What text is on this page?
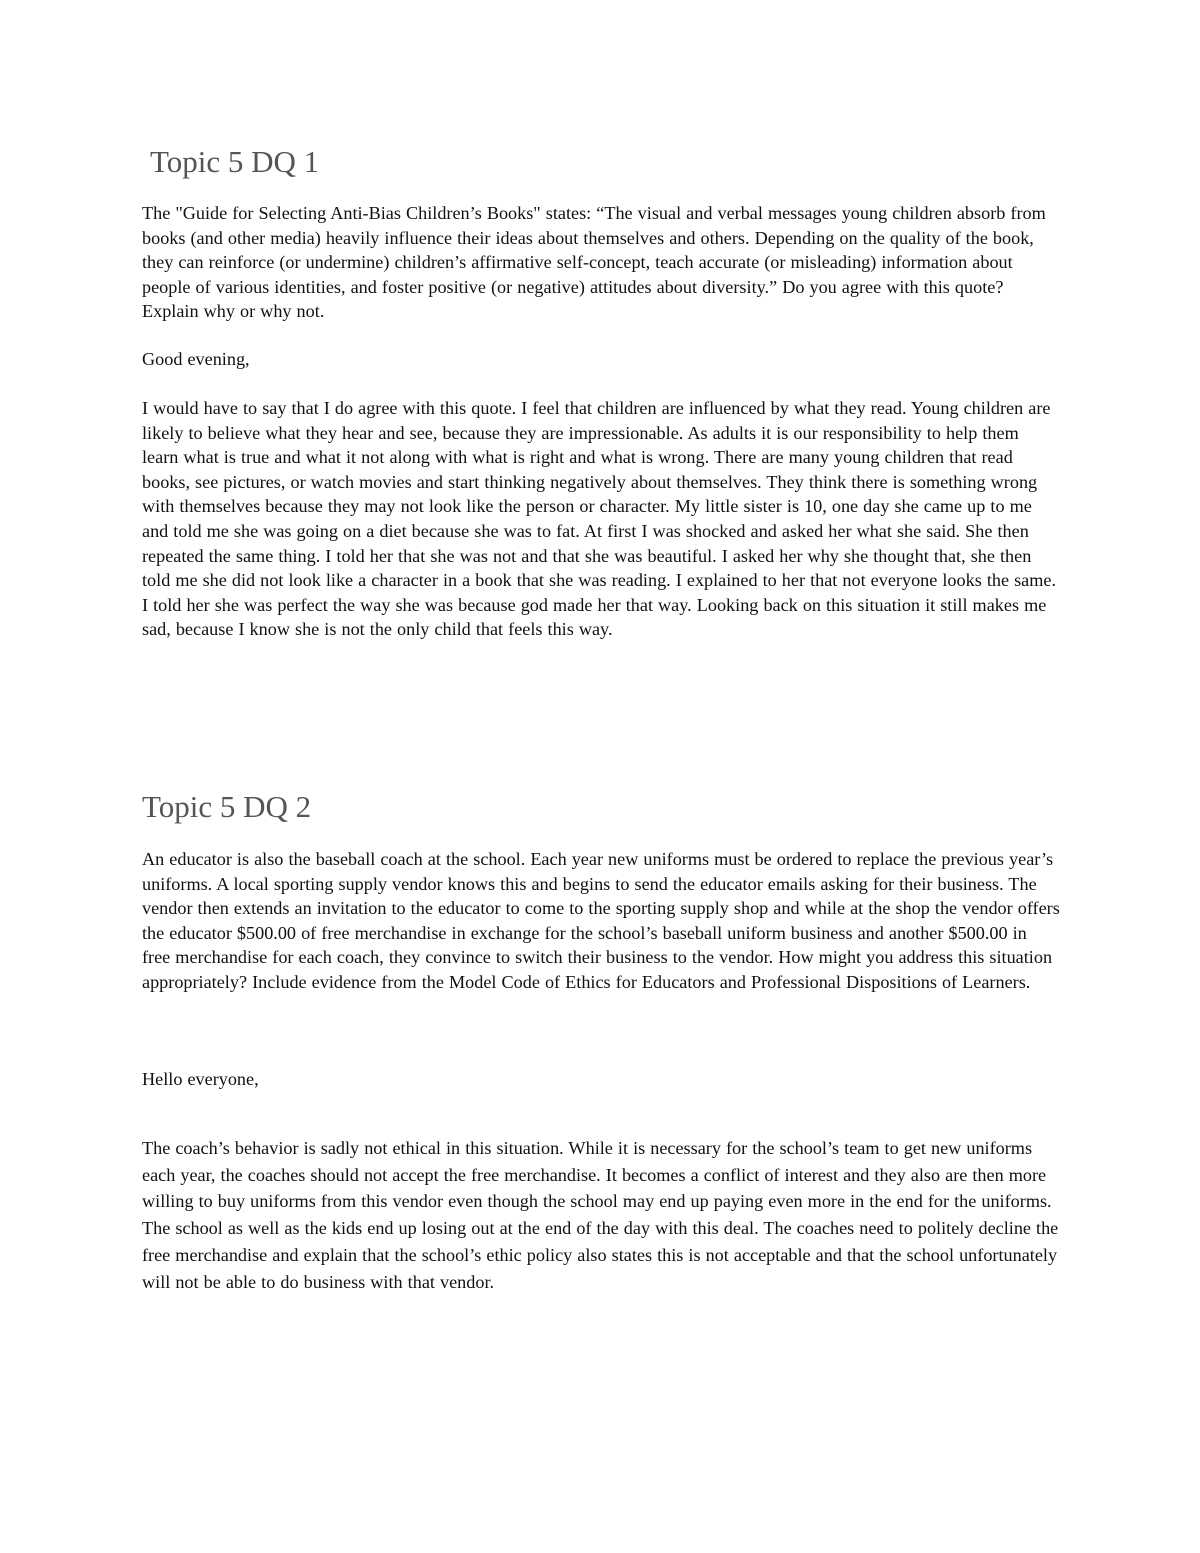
Topic 5 DQ 1

The "Guide for Selecting Anti-Bias Children’s Books" states: “The visual and verbal messages young children absorb from books (and other media) heavily influence their ideas about themselves and others. Depending on the quality of the book, they can reinforce (or undermine) children’s affirmative self-concept, teach accurate (or misleading) information about people of various identities, and foster positive (or negative) attitudes about diversity.” Do you agree with this quote? Explain why or why not.

Good evening,

I would have to say that I do agree with this quote. I feel that children are influenced by what they read. Young children are likely to believe what they hear and see, because they are impressionable. As adults it is our responsibility to help them learn what is true and what it not along with what is right and what is wrong. There are many young children that read books, see pictures, or watch movies and start thinking negatively about themselves. They think there is something wrong with themselves because they may not look like the person or character. My little sister is 10, one day she came up to me and told me she was going on a diet because she was to fat. At first I was shocked and asked her what she said. She then repeated the same thing. I told her that she was not and that she was beautiful. I asked her why she thought that, she then told me she did not look like a character in a book that she was reading. I explained to her that not everyone looks the same. I told her she was perfect the way she was because god made her that way. Looking back on this situation it still makes me sad, because I know she is not the only child that feels this way.

Topic 5 DQ 2

An educator is also the baseball coach at the school. Each year new uniforms must be ordered to replace the previous year’s uniforms. A local sporting supply vendor knows this and begins to send the educator emails asking for their business. The vendor then extends an invitation to the educator to come to the sporting supply shop and while at the shop the vendor offers the educator $500.00 of free merchandise in exchange for the school’s baseball uniform business and another $500.00 in free merchandise for each coach, they convince to switch their business to the vendor. How might you address this situation appropriately? Include evidence from the Model Code of Ethics for Educators and Professional Dispositions of Learners.

Hello everyone,

The coach’s behavior is sadly not ethical in this situation. While it is necessary for the school’s team to get new uniforms each year, the coaches should not accept the free merchandise. It becomes a conflict of interest and they also are then more willing to buy uniforms from this vendor even though the school may end up paying even more in the end for the uniforms. The school as well as the kids end up losing out at the end of the day with this deal. The coaches need to politely decline the free merchandise and explain that the school’s ethic policy also states this is not acceptable and that the school unfortunately will not be able to do business with that vendor.
